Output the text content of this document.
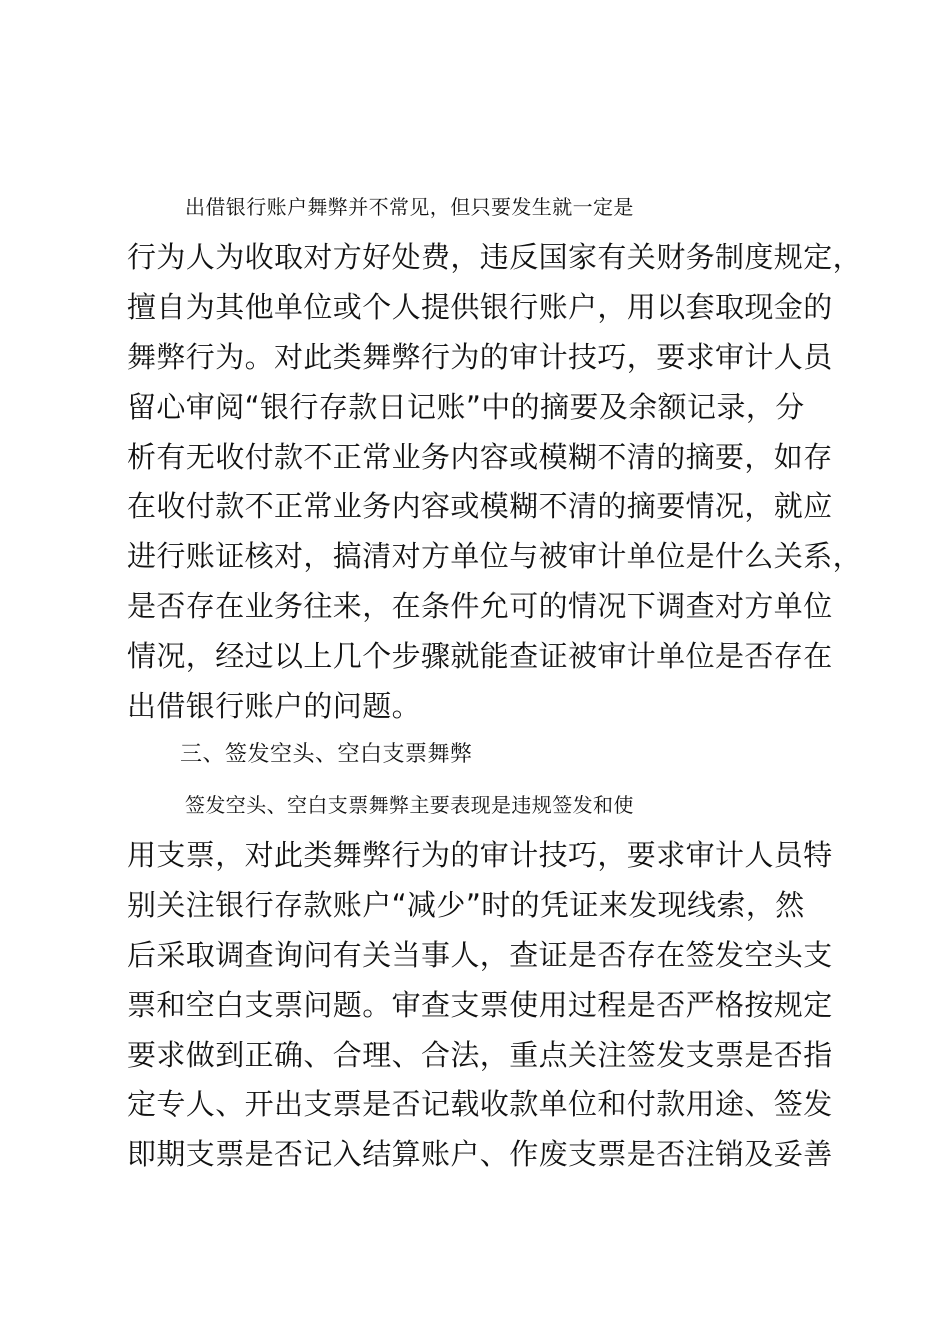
出借银行账户舞弊并不常见，但只要发生就一定是
行为人为收取对方好处费，违反国家有关财务制度规定，
擅自为其他单位或个人提供银行账户，用以套取现金的
舞弊行为。对此类舞弊行为的审计技巧，要求审计人员
留心审阅“银行存款日记账”中的摘要及余额记录，分
析有无收付款不正常业务内容或模糊不清的摘要，如存
在收付款不正常业务内容或模糊不清的摘要情况，就应
进行账证核对，搞清对方单位与被审计单位是什么关系，
是否存在业务往来，在条件允可的情况下调查对方单位
情况，经过以上几个步骤就能查证被审计单位是否存在
出借银行账户的问题。
三、签发空头、空白支票舞弊
签发空头、空白支票舞弊主要表现是违规签发和使
用支票，对此类舞弊行为的审计技巧，要求审计人员特
别关注银行存款账户“减少”时的凭证来发现线索，然
后采取调查询问有关当事人，查证是否存在签发空头支
票和空白支票问题。审查支票使用过程是否严格按规定
要求做到正确、合理、合法，重点关注签发支票是否指
定专人、开出支票是否记载收款单位和付款用途、签发
即期支票是否记入结算账户、作废支票是否注销及妥善
